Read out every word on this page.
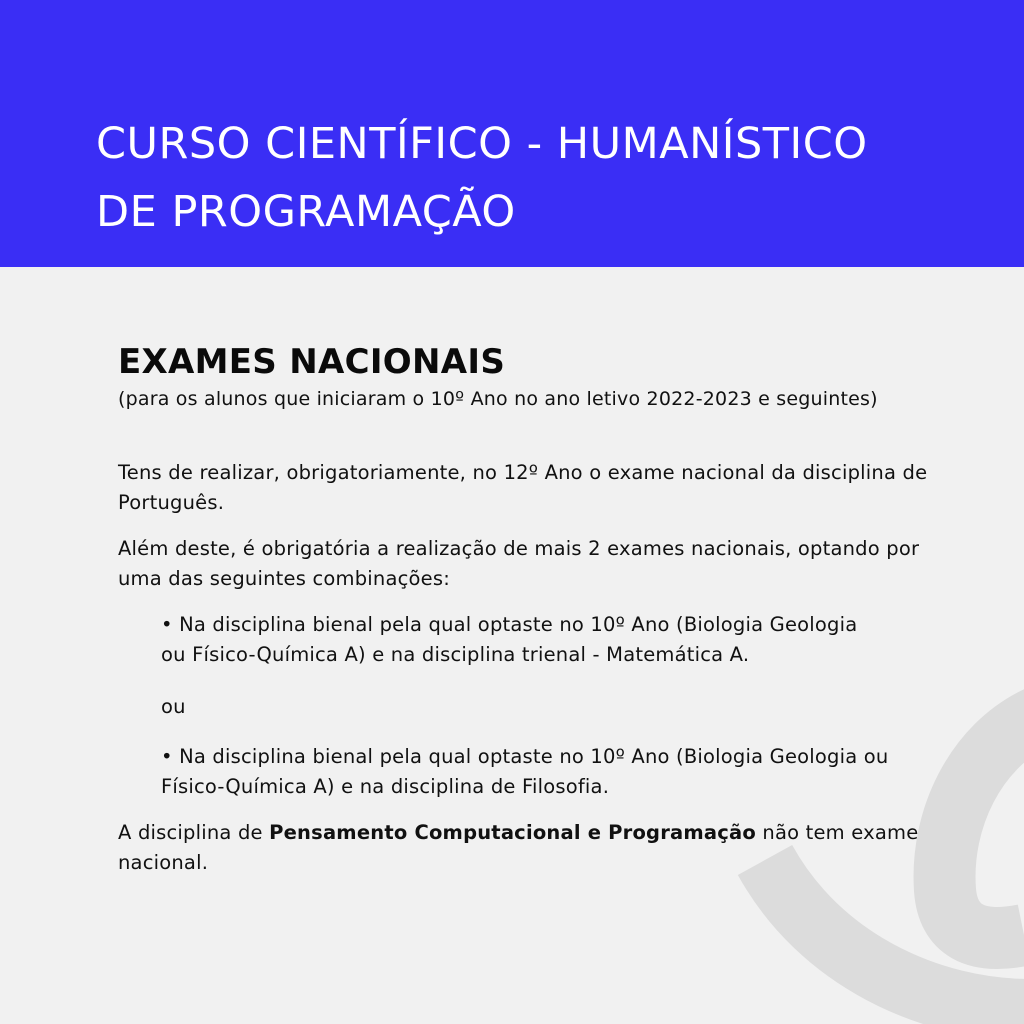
CURSO CIENTÍFICO - HUMANÍSTICO
DE PROGRAMAÇÃO
EXAMES NACIONAIS

(para os alunos que iniciaram o 10º Ano no ano letivo 2022-2023 e seguintes)

Tens de realizar, obrigatoriamente, no 12º Ano o exame nacional da disciplina de Português.

Além deste, é obrigatória a realização de mais 2 exames nacionais, optando por uma das seguintes combinações:

• Na disciplina bienal pela qual optaste no 10º Ano (Biologia Geologia
ou Físico-Química A) e na disciplina trienal - Matemática A.
ou
• Na disciplina bienal pela qual optaste no 10º Ano (Biologia Geologia ou
Físico-Química A) e na disciplina de Filosofia.

A disciplina de Pensamento Computacional e Programação não tem exame nacional.
